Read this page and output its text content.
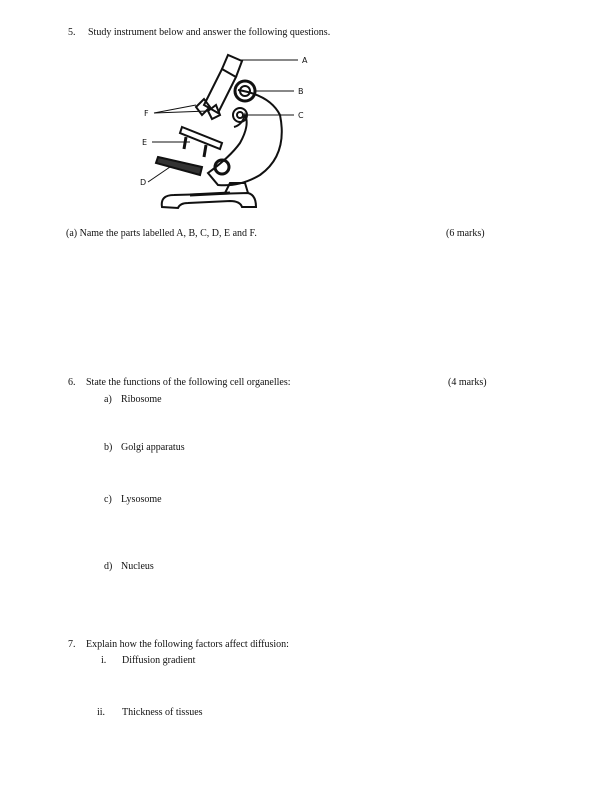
5. Study instrument below and answer the following questions.
A
B
C
D
E
F
(a) Name the parts labelled A, B, C, D, E and F.	(6 marks)
6. State the functions of the following cell organelles:	(4 marks)
a) Ribosome
b) Golgi apparatus
c) Lysosome
d) Nucleus
7. Explain how the following factors affect diffusion:
i. Diffusion gradient
ii. Thickness of tissues
